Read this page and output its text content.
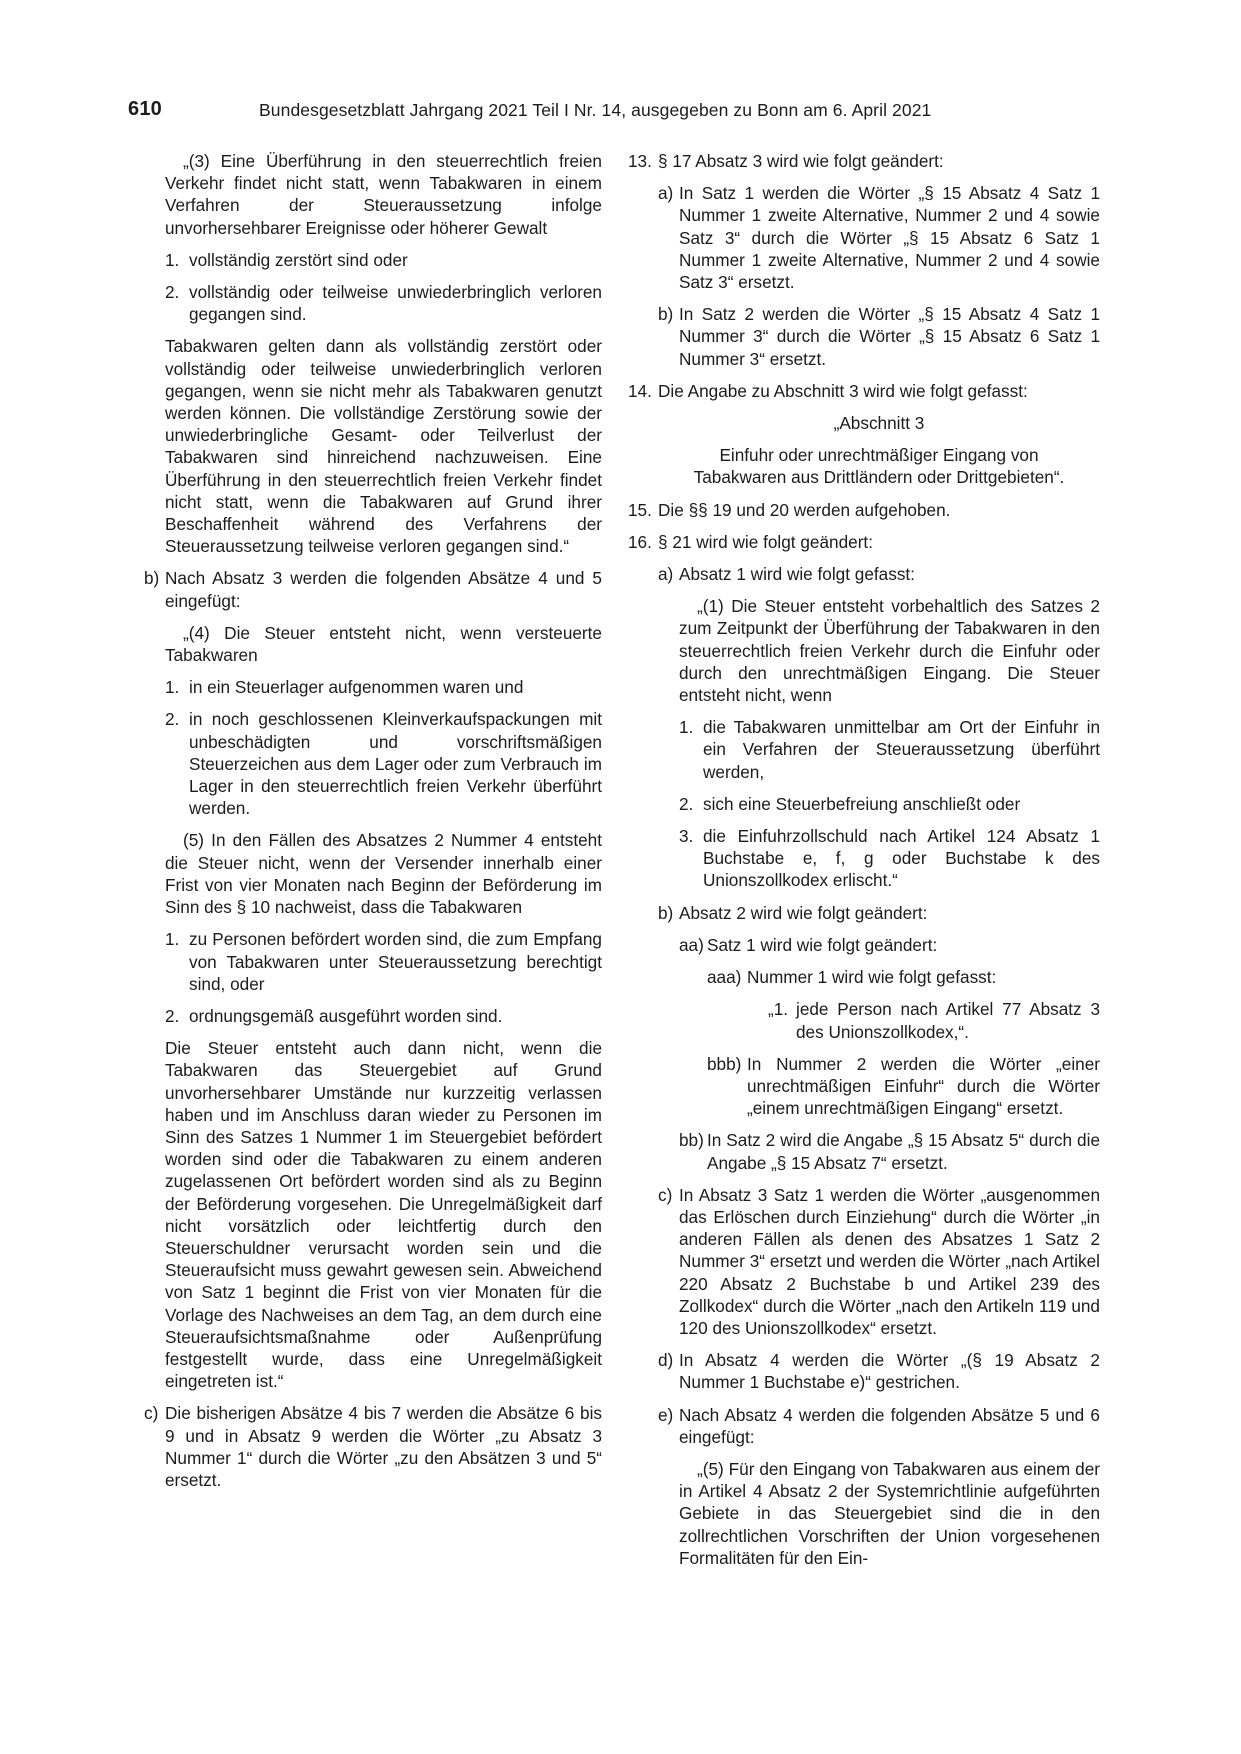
610	Bundesgesetzblatt Jahrgang 2021 Teil I Nr. 14, ausgegeben zu Bonn am 6. April 2021

„(3) Eine Überführung in den steuerrechtlich freien Verkehr findet nicht statt, wenn Tabakwaren in einem Verfahren der Steueraussetzung infolge unvorhersehbarer Ereignisse oder höherer Gewalt

1. vollständig zerstört sind oder
2. vollständig oder teilweise unwiederbringlich verloren gegangen sind.

Tabakwaren gelten dann als vollständig zerstört oder vollständig oder teilweise unwiederbringlich verloren gegangen, wenn sie nicht mehr als Tabakwaren genutzt werden können. Die vollständige Zerstörung sowie der unwiederbringliche Gesamt- oder Teilverlust der Tabakwaren sind hinreichend nachzuweisen. Eine Überführung in den steuerrechtlich freien Verkehr findet nicht statt, wenn die Tabakwaren auf Grund ihrer Beschaffenheit während des Verfahrens der Steueraussetzung teilweise verloren gegangen sind.“

b) Nach Absatz 3 werden die folgenden Absätze 4 und 5 eingefügt:

„(4) Die Steuer entsteht nicht, wenn versteuerte Tabakwaren

1. in ein Steuerlager aufgenommen waren und
2. in noch geschlossenen Kleinverkaufspackungen mit unbeschädigten und vorschriftsmäßigen Steuerzeichen aus dem Lager oder zum Verbrauch im Lager in den steuerrechtlich freien Verkehr überführt werden.

(5) In den Fällen des Absatzes 2 Nummer 4 entsteht die Steuer nicht, wenn der Versender innerhalb einer Frist von vier Monaten nach Beginn der Beförderung im Sinn des § 10 nachweist, dass die Tabakwaren

1. zu Personen befördert worden sind, die zum Empfang von Tabakwaren unter Steueraussetzung berechtigt sind, oder
2. ordnungsgemäß ausgeführt worden sind.

Die Steuer entsteht auch dann nicht, wenn die Tabakwaren das Steuergebiet auf Grund unvorhersehbarer Umstände nur kurzzeitig verlassen haben und im Anschluss daran wieder zu Personen im Sinn des Satzes 1 Nummer 1 im Steuergebiet befördert worden sind oder die Tabakwaren zu einem anderen zugelassenen Ort befördert worden sind als zu Beginn der Beförderung vorgesehen. Die Unregelmäßigkeit darf nicht vorsätzlich oder leichtfertig durch den Steuerschuldner verursacht worden sein und die Steueraufsicht muss gewahrt gewesen sein. Abweichend von Satz 1 beginnt die Frist von vier Monaten für die Vorlage des Nachweises an dem Tag, an dem durch eine Steueraufsichtsmaßnahme oder Außenprüfung festgestellt wurde, dass eine Unregelmäßigkeit eingetreten ist.“

c) Die bisherigen Absätze 4 bis 7 werden die Absätze 6 bis 9 und in Absatz 9 werden die Wörter „zu Absatz 3 Nummer 1“ durch die Wörter „zu den Absätzen 3 und 5“ ersetzt.
13. § 17 Absatz 3 wird wie folgt geändert:
a) In Satz 1 werden die Wörter „§ 15 Absatz 4 Satz 1 Nummer 1 zweite Alternative, Nummer 2 und 4 sowie Satz 3“ durch die Wörter „§ 15 Absatz 6 Satz 1 Nummer 1 zweite Alternative, Nummer 2 und 4 sowie Satz 3“ ersetzt.
b) In Satz 2 werden die Wörter „§ 15 Absatz 4 Satz 1 Nummer 3“ durch die Wörter „§ 15 Absatz 6 Satz 1 Nummer 3“ ersetzt.
14. Die Angabe zu Abschnitt 3 wird wie folgt gefasst:
„Abschnitt 3
Einfuhr oder unrechtmäßiger Eingang von
Tabakwaren aus Drittländern oder Drittgebieten“.
15. Die §§ 19 und 20 werden aufgehoben.
16. § 21 wird wie folgt geändert:
a) Absatz 1 wird wie folgt gefasst:

„(1) Die Steuer entsteht vorbehaltlich des Satzes 2 zum Zeitpunkt der Überführung der Tabakwaren in den steuerrechtlich freien Verkehr durch die Einfuhr oder durch den unrechtmäßigen Eingang. Die Steuer entsteht nicht, wenn

1. die Tabakwaren unmittelbar am Ort der Einfuhr in ein Verfahren der Steueraussetzung überführt werden,
2. sich eine Steuerbefreiung anschließt oder
3. die Einfuhrzollschuld nach Artikel 124 Absatz 1 Buchstabe e, f, g oder Buchstabe k des Unionszollkodex erlischt.“
b) Absatz 2 wird wie folgt geändert:
aa) Satz 1 wird wie folgt geändert:
aaa) Nummer 1 wird wie folgt gefasst:
„1. jede Person nach Artikel 77 Absatz 3 des Unionszollkodex,“.
bbb) In Nummer 2 werden die Wörter „einer unrechtmäßigen Einfuhr“ durch die Wörter „einem unrechtmäßigen Eingang“ ersetzt.
bb) In Satz 2 wird die Angabe „§ 15 Absatz 5“ durch die Angabe „§ 15 Absatz 7“ ersetzt.
c) In Absatz 3 Satz 1 werden die Wörter „ausgenommen das Erlöschen durch Einziehung“ durch die Wörter „in anderen Fällen als denen des Absatzes 1 Satz 2 Nummer 3“ ersetzt und werden die Wörter „nach Artikel 220 Absatz 2 Buchstabe b und Artikel 239 des Zollkodex“ durch die Wörter „nach den Artikeln 119 und 120 des Unionszollkodex“ ersetzt.
d) In Absatz 4 werden die Wörter „(§ 19 Absatz 2 Nummer 1 Buchstabe e)“ gestrichen.
e) Nach Absatz 4 werden die folgenden Absätze 5 und 6 eingefügt:

„(5) Für den Eingang von Tabakwaren aus einem der in Artikel 4 Absatz 2 der Systemrichtlinie aufgeführten Gebiete in das Steuergebiet sind die in den zollrechtlichen Vorschriften der Union vorgesehenen Formalitäten für den Ein-
